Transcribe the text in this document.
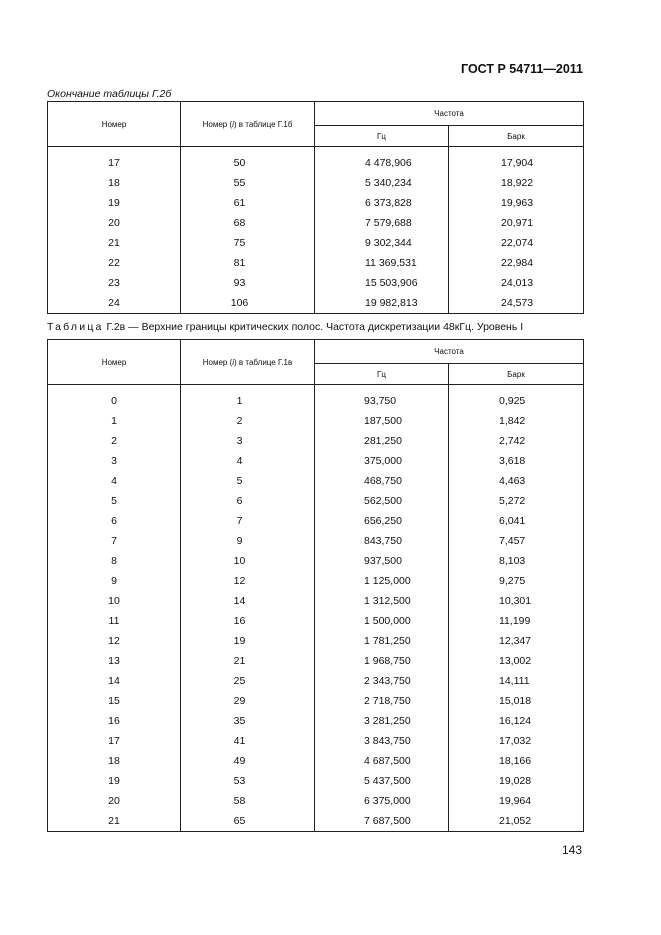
ГОСТ Р 54711—2011
Окончание таблицы Г.2б
Номер	Номер (i) в таблице Г.1б	Частота	
		Гц	Барк
17	50	4 478,906	17,904
18	55	5 340,234	18,922
19	61	6 373,828	19,963
20	68	7 579,688	20,971
21	75	9 302,344	22,074
22	81	11 369,531	22,984
23	93	15 503,906	24,013
24	106	19 982,813	24,573
Таблица Г.2в — Верхние границы критических полос. Частота дискретизации 48кГц. Уровень I
Номер	Номер (i) в таблице Г.1в	Частота	
		Гц	Барк
0	1	93,750	0,925
1	2	187,500	1,842
2	3	281,250	2,742
3	4	375,000	3,618
4	5	468,750	4,463
5	6	562,500	5,272
6	7	656,250	6,041
7	9	843,750	7,457
8	10	937,500	8,103
9	12	1 125,000	9,275
10	14	1 312,500	10,301
11	16	1 500,000	11,199
12	19	1 781,250	12,347
13	21	1 968,750	13,002
14	25	2 343,750	14,111
15	29	2 718,750	15,018
16	35	3 281,250	16,124
17	41	3 843,750	17,032
18	49	4 687,500	18,166
19	53	5 437,500	19,028
20	58	6 375,000	19,964
21	65	7 687,500	21,052
143
